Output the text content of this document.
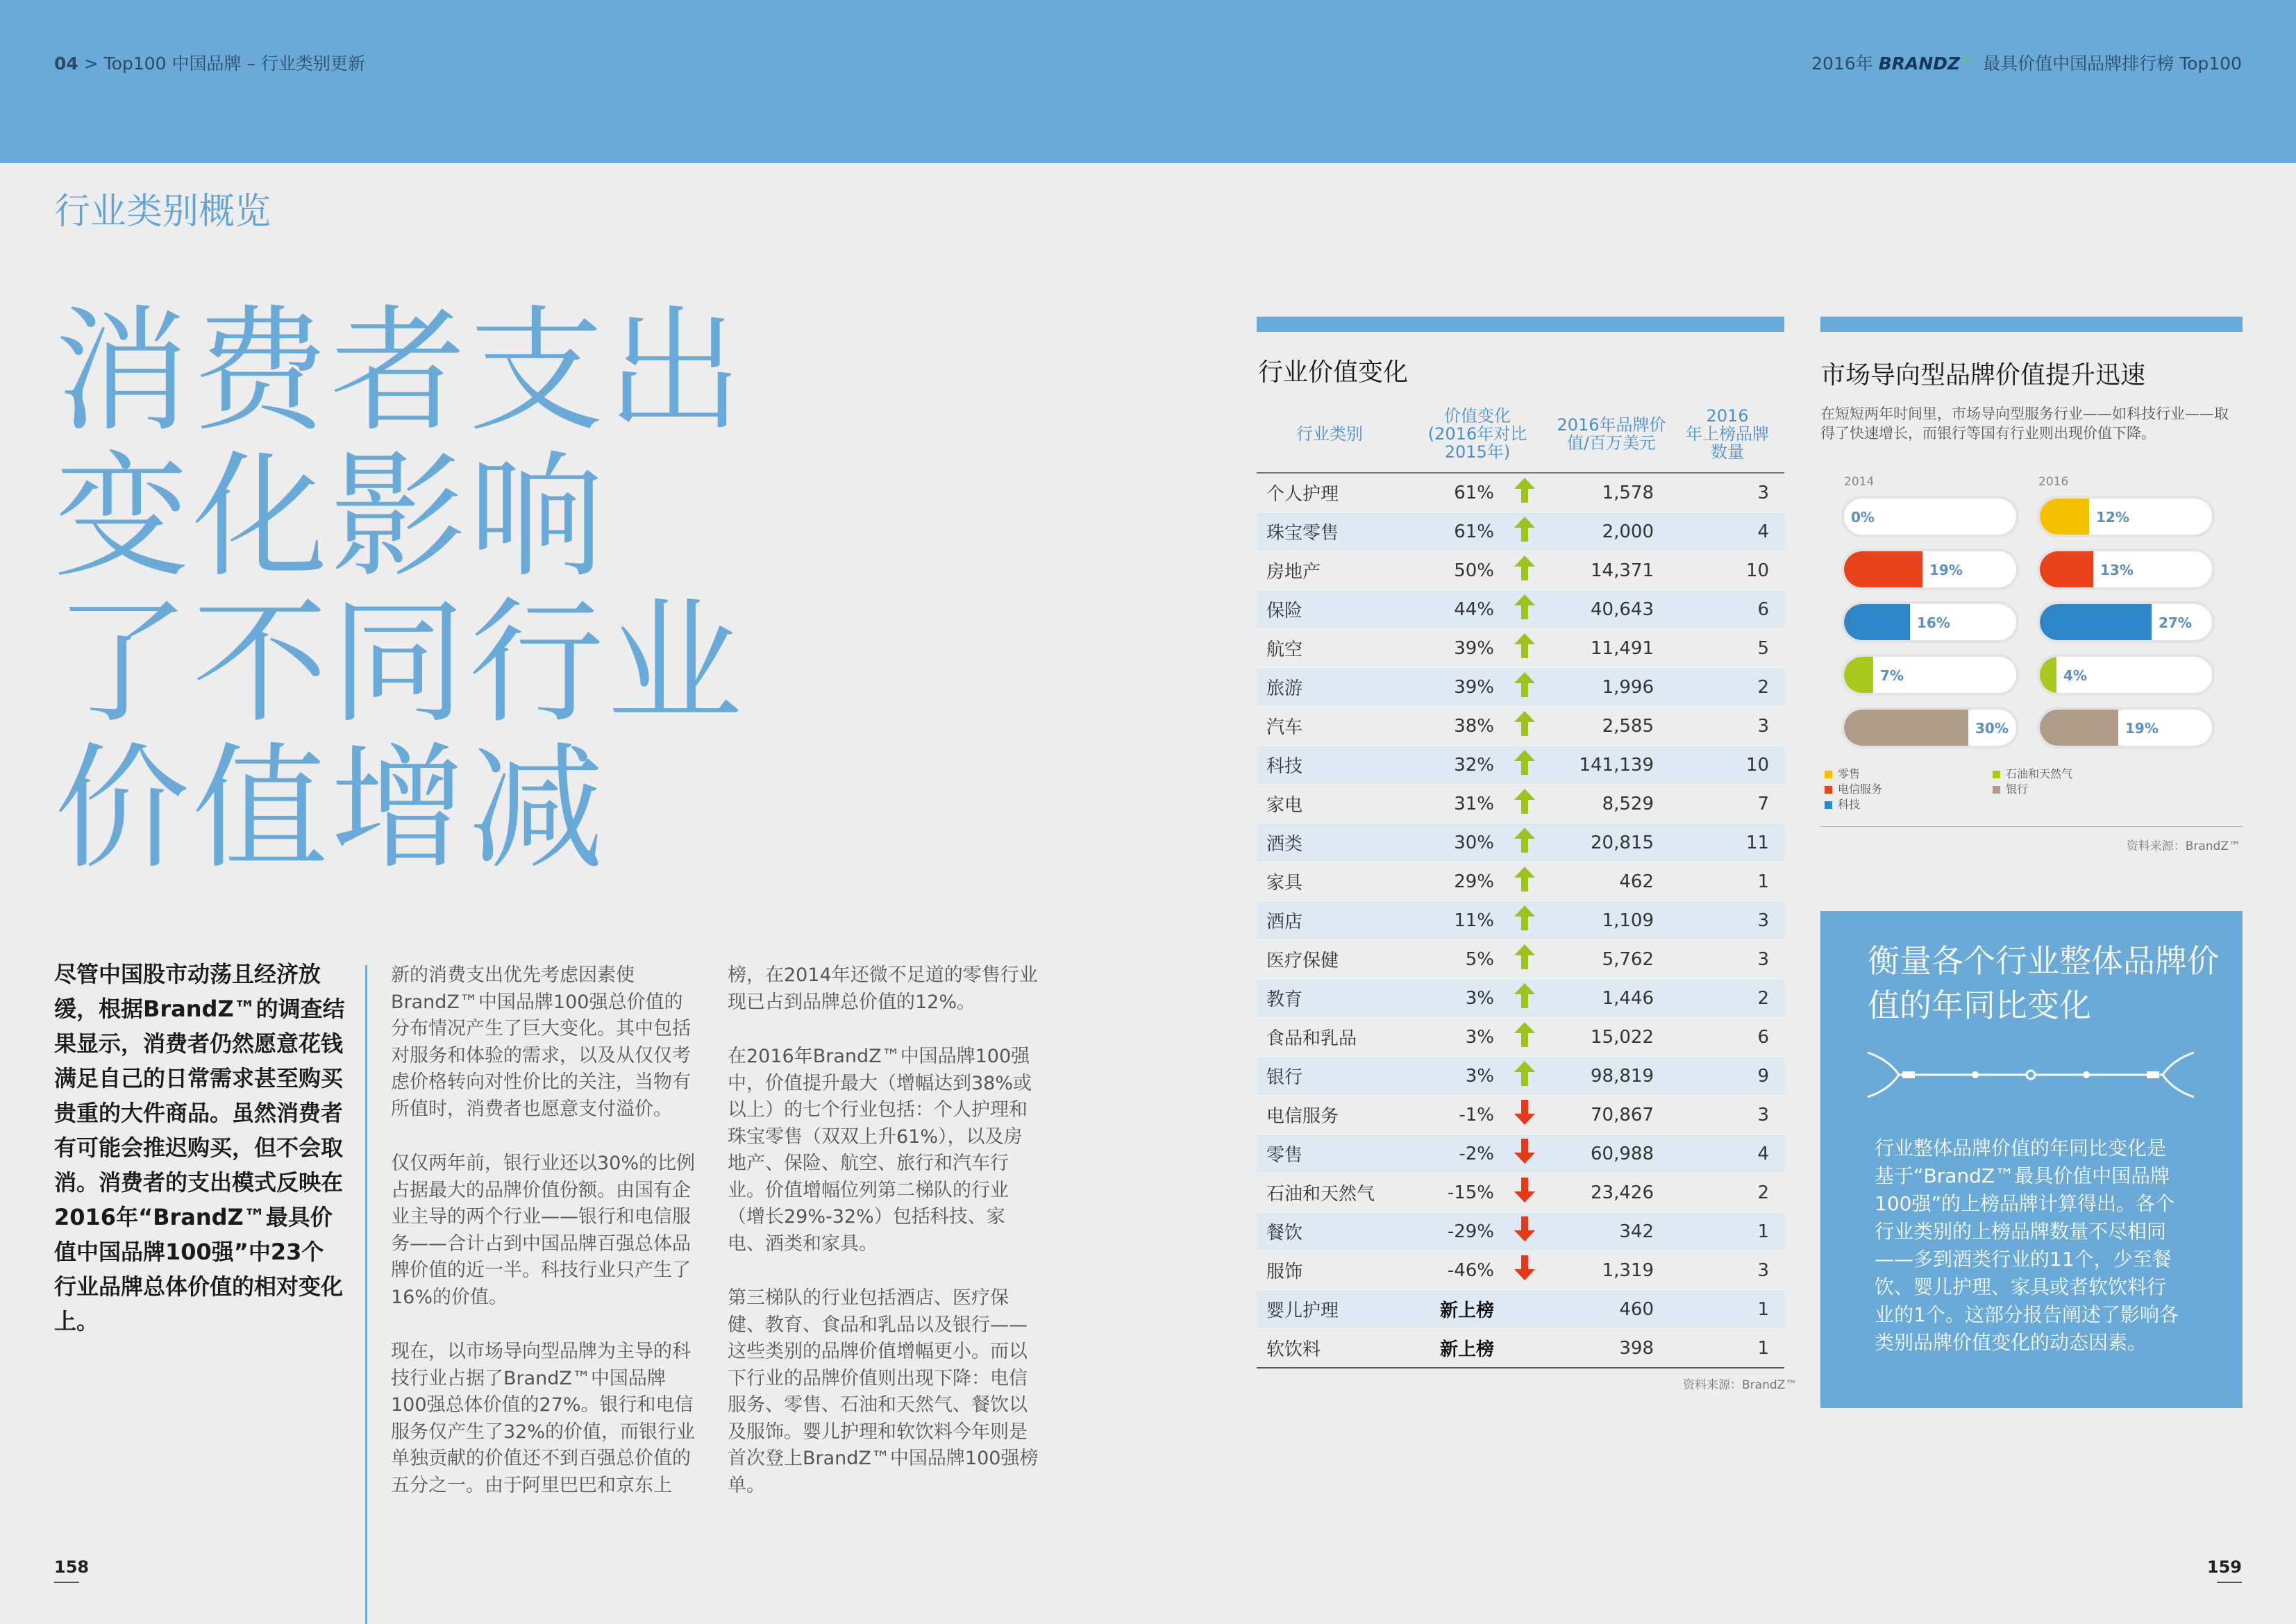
04 > Top100 中国品牌 – 行业类别更新	2016年 BRANDZ™ 最具价值中国品牌排行榜 Top100
行业类别概览
消费者支出
变化影响
了不同行业
价值增减
尽管中国股市动荡且经济放缓，根据BrandZ™的调查结果显示，消费者仍然愿意花钱满足自己的日常需求甚至购买贵重的大件商品。虽然消费者有可能会推迟购买，但不会取消。消费者的支出模式反映在2016年“BrandZ™最具价值中国品牌100强”中23个行业品牌总体价值的相对变化上。

新的消费支出优先考虑因素使BrandZ™中国品牌100强总价值的分布情况产生了巨大变化。其中包括对服务和体验的需求，以及从仅仅考虑价格转向对性价比的关注，当物有所值时，消费者也愿意支付溢价。

仅仅两年前，银行业还以30%的比例占据最大的品牌价值份额。由国有企业主导的两个行业——银行和电信服务——合计占到中国品牌百强总体品牌价值的近一半。科技行业只产生了16%的价值。

现在，以市场导向型品牌为主导的科技行业占据了BrandZ™中国品牌100强总体价值的27%。银行和电信服务仅产生了32%的价值，而银行业单独贡献的价值还不到百强总价值的五分之一。由于阿里巴巴和京东上

榜，在2014年还微不足道的零售行业现已占到品牌总价值的12%。

在2016年BrandZ™中国品牌100强中，价值提升最大（增幅达到38%或以上）的七个行业包括：个人护理和珠宝零售（双双上升61%），以及房地产、保险、航空、旅行和汽车行业。价值增幅位列第二梯队的行业（增长29%-32%）包括科技、家电、酒类和家具。

第三梯队的行业包括酒店、医疗保健、教育、食品和乳品以及银行——这些类别的品牌价值增幅更小。而以下行业的品牌价值则出现下降：电信服务、零售、石油和天然气、餐饮以及服饰。婴儿护理和软饮料今年则是首次登上BrandZ™中国品牌100强榜单。

158	159
行业价值变化
行业类别	价值变化
(2016年对比
2015年)		2016年品牌价
值/百万美元	2016
年上榜品牌
数量
个人护理	61%		1,578	3
珠宝零售	61%		2,000	4
房地产	50%		14,371	10
保险	44%		40,643	6
航空	39%		11,491	5
旅游	39%		1,996	2
汽车	38%		2,585	3
科技	32%		141,139	10
家电	31%		8,529	7
酒类	30%		20,815	11
家具	29%		462	1
酒店	11%		1,109	3
医疗保健	5%		5,762	3
教育	3%		1,446	2
食品和乳品	3%		15,022	6
银行	3%		98,819	9
电信服务	-1%		70,867	3
零售	-2%		60,988	4
石油和天然气	-15%		23,426	2
餐饮	-29%		342	1
服饰	-46%		1,319	3
婴儿护理	新上榜		460	1
软饮料	新上榜		398	1

资料来源：BrandZ™
市场导向型品牌价值提升迅速
在短短两年时间里，市场导向型服务行业——如科技行业——取得了快速增长，而银行等国有行业则出现价值下降。
2014	2016
0%	12%
19%	13%
16%	27%
7%	4%
30%	19%
零售
电信服务
科技
石油和天然气
银行
资料来源：BrandZ™
衡量各个行业整体品牌价值的年同比变化
行业整体品牌价值的年同比变化是基于“BrandZ™最具价值中国品牌100强”的上榜品牌计算得出。各个行业类别的上榜品牌数量不尽相同——多到酒类行业的11个，少至餐饮、婴儿护理、家具或者软饮料行业的1个。这部分报告阐述了影响各类别品牌价值变化的动态因素。
